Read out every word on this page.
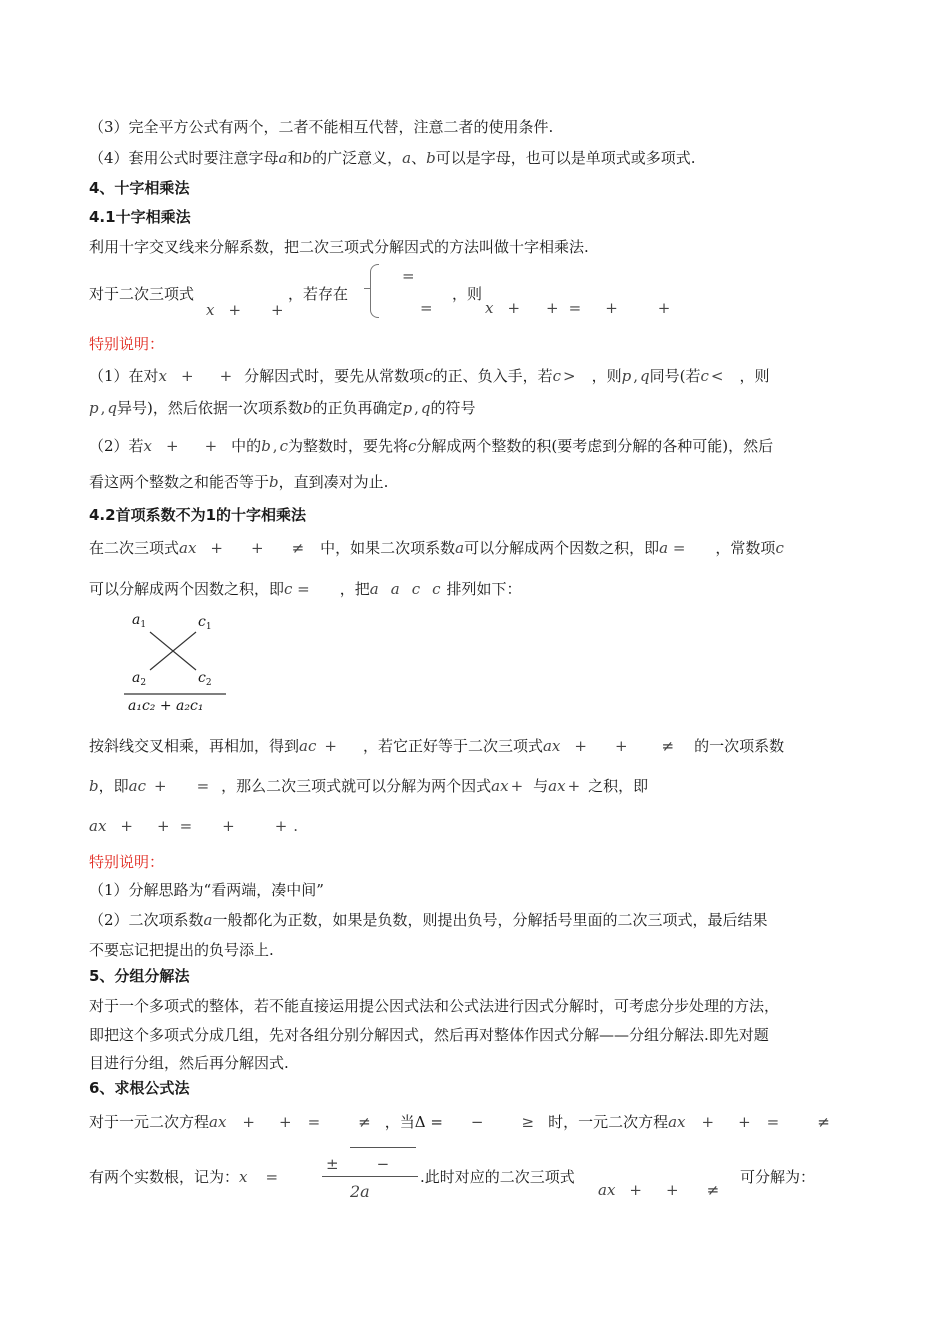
（3）完全平方公式有两个，二者不能相互代替，注意二者的使用条件.
（4）套用公式时要注意字母a和b的广泛意义，a、b可以是字母，也可以是单项式或多项式.
4、十字相乘法
4.1十字相乘法
利用十字交叉线来分解系数，把二次三项式分解因式的方法叫做十字相乘法.
对于二次三项式
x + +
，若存在
=
=
，则
x + + = +	+
特别说明：
（1）在对x + + 分解因式时，要先从常数项c的正、负入手，若c > ，则p , q同号(若c < ，则
p , q异号)，然后依据一次项系数b的正负再确定p , q的符号
（2）若x + + 中的b , c为整数时，要先将c分解成两个整数的积(要考虑到分解的各种可能)，然后
看这两个整数之和能否等于b，直到凑对为止.
4.2首项系数不为1的十字相乘法
在二次三项式ax + + ≠ 中，如果二次项系数a可以分解成两个因数之积，即a = ，常数项c
可以分解成两个因数之积，即c = ，把a a c c 排列如下：
$a_1$	$c_1$
$a_2$	$c_2$
a₁c₂ + a₂c₁
按斜线交叉相乘，再相加，得到ac + ，若它正好等于二次三项式ax + + ≠ 的一次项系数
b，即ac + = ，那么二次三项式就可以分解为两个因式ax + 与ax + 之积，即
ax + + = +	+ .
特别说明：
（1）分解思路为“看两端，凑中间”
（2）二次项系数a一般都化为正数，如果是负数，则提出负号，分解括号里面的二次三项式，最后结果
不要忘记把提出的负号添上.
5、分组分解法
对于一个多项式的整体，若不能直接运用提公因式法和公式法进行因式分解时，可考虑分步处理的方法，
即把这个多项式分成几组，先对各组分别分解因式，然后再对整体作因式分解——分组分解法.即先对题
目进行分组，然后再分解因式.
6、求根公式法
对于一元二次方程ax + + =	≠ ，当Δ = −	≥ 时，一元二次方程ax + + =	≠
有两个实数根，记为：x =
±	−
2a
.此时对应的二次三项式
ax + + ≠
可分解为：
